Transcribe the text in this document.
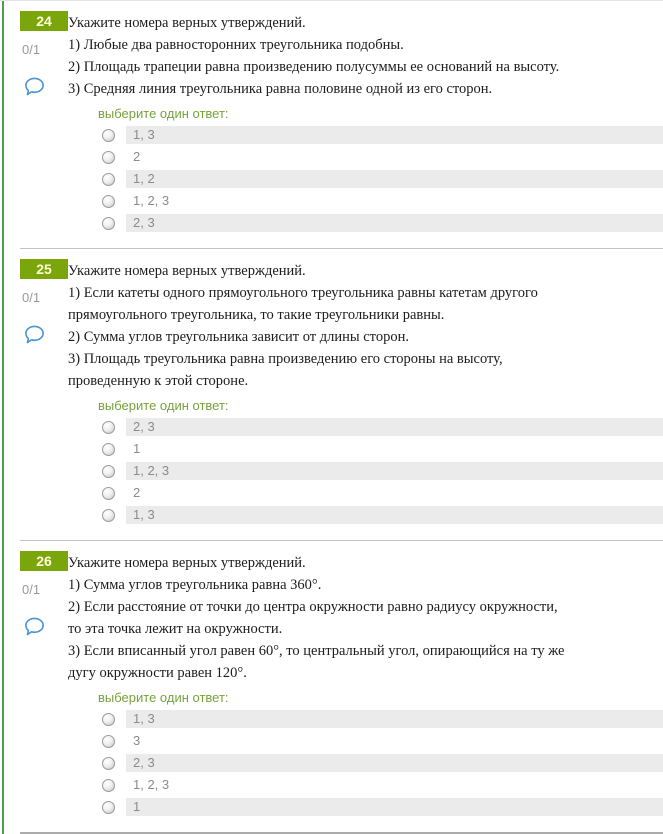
24
0/1
Укажите номера верных утверждений.
1) Любые два равносторонних треугольника подобны.
2) Площадь трапеции равна произведению полусуммы ее оснований на высоту.
3) Средняя линия треугольника равна половине одной из его сторон.
выберите один ответ:
1, 3
2
1, 2
1, 2, 3
2, 3
25
0/1
Укажите номера верных утверждений.
1) Если катеты одного прямоугольного треугольника равны катетам другого
прямоугольного треугольника, то такие треугольники равны.
2) Сумма углов треугольника зависит от длины сторон.
3) Площадь треугольника равна произведению его стороны на высоту,
проведенную к этой стороне.
выберите один ответ:
2, 3
1
1, 2, 3
2
1, 3
26
0/1
Укажите номера верных утверждений.
1) Сумма углов треугольника равна 360°.
2) Если расстояние от точки до центра окружности равно радиусу окружности,
то эта точка лежит на окружности.
3) Если вписанный угол равен 60°, то центральный угол, опирающийся на ту же
дугу окружности равен 120°.
выберите один ответ:
1, 3
3
2, 3
1, 2, 3
1
